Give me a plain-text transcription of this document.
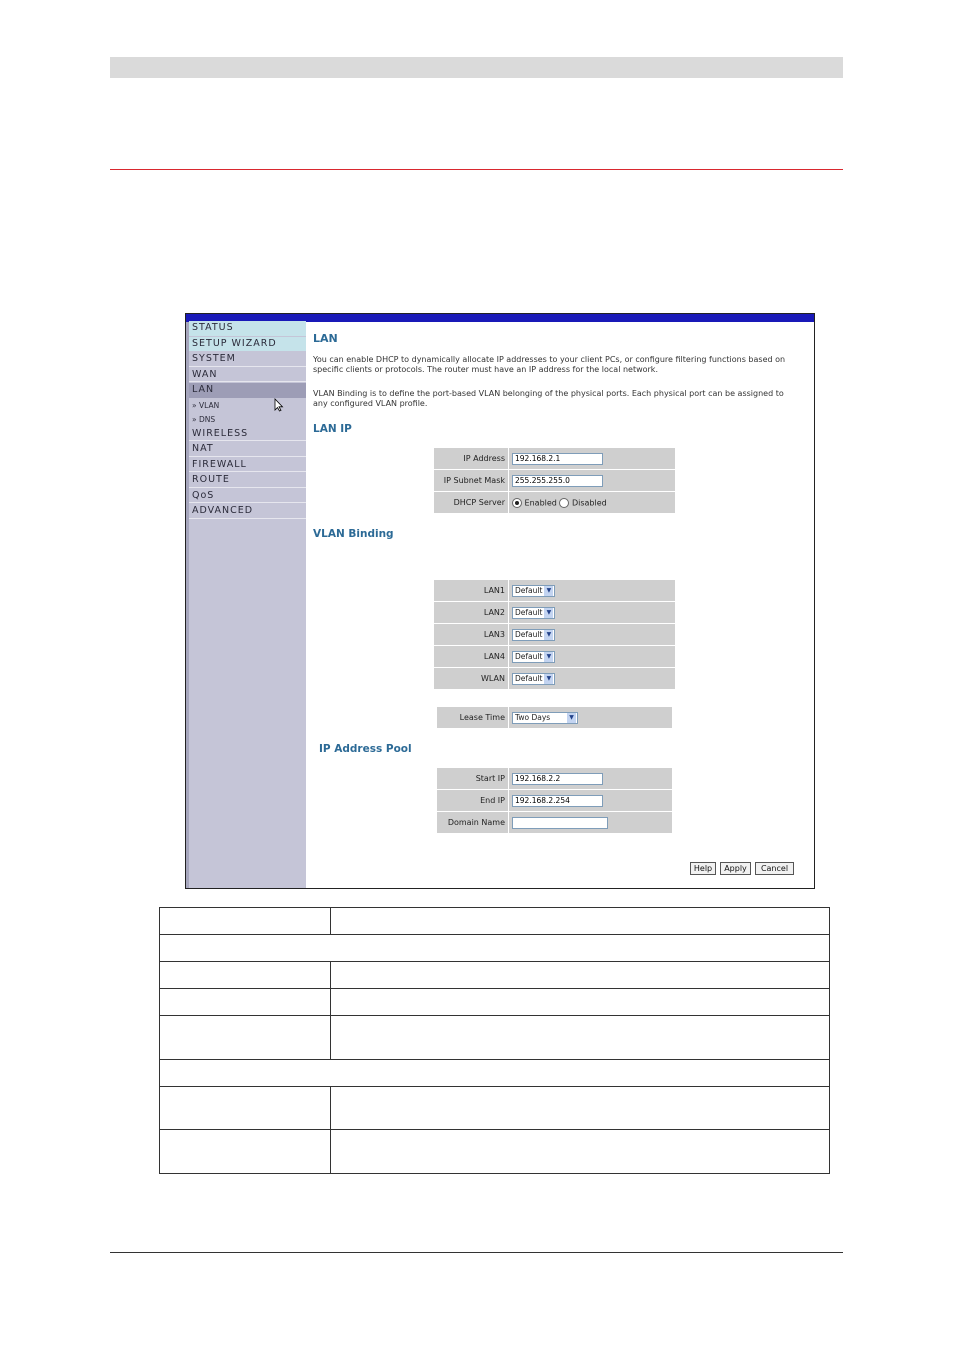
STATUS
SETUP WIZARD
SYSTEM
WAN
LAN
» VLAN
» DNS
WIRELESS
NAT
FIREWALL
ROUTE
QoS
ADVANCED

LAN

You can enable DHCP to dynamically allocate IP addresses to your client PCs, or configure filtering functions based on specific clients or protocols. The router must have an IP address for the local network.

VLAN Binding is to define the port-based VLAN belonging of the physical ports. Each physical port can be assigned to any configured VLAN profile.

LAN IP

IP Address	192.168.2.1
IP Subnet Mask	255.255.255.0
DHCP Server	Enabled Disabled

VLAN Binding

LAN1	Default ▼

LAN2	Default ▼

LAN3	Default ▼

LAN4	Default ▼

WLAN	Default ▼
Lease Time	Two Days	▼

IP Address Pool

Start IP	192.168.2.2
End IP	192.168.2.254
Domain Name	
Help	Apply	Cancel
